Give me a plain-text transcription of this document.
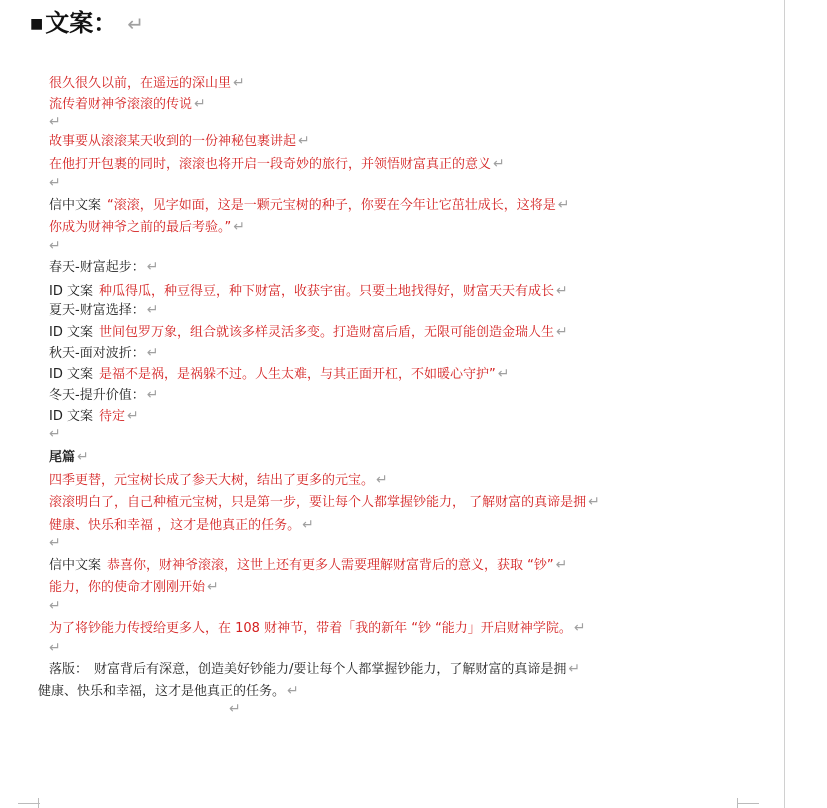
■文案： ↵
很久很久以前，在遥远的深山里 ↵
流传着财神爷滚滚的传说 ↵
↵
故事要从滚滚某天收到的一份神秘包裹讲起 ↵
在他打开包裹的同时，滚滚也将开启一段奇妙的旅行，并领悟财富真正的意义 ↵
↵
信中文案 “滚滚，见字如面，这是一颗元宝树的种子，你要在今年让它茁壮成长，这将是 ↵
你成为财神爷之前的最后考验。” ↵
↵
春天-财富起步： ↵
ID 文案 种瓜得瓜，种豆得豆，种下财富，收获宇宙。只要土地找得好，财富天天有成长 ↵
夏天-财富选择： ↵
ID 文案 世间包罗万象，组合就该多样灵活多变。打造财富后盾，无限可能创造金瑞人生 ↵
秋天-面对波折： ↵
ID 文案 是福不是祸，是祸躲不过。人生太难，与其正面开杠，不如暖心守护” ↵
冬天-提升价值： ↵
ID 文案 待定 ↵
↵
尾篇 ↵
四季更替，元宝树长成了参天大树，结出了更多的元宝。 ↵
滚滚明白了，自己种植元宝树，只是第一步，要让每个人都掌握钞能力， 了解财富的真谛是拥 ↵
健康、快乐和幸福 ，这才是他真正的任务。 ↵
↵
信中文案 恭喜你，财神爷滚滚，这世上还有更多人需要理解财富背后的意义，获取 “钞” ↵
能力，你的使命才刚刚开始 ↵
↵
为了将钞能力传授给更多人，在 108 财神节，带着「我的新年 “钞 “能力」开启财神学院。 ↵
↵
落版： 财富背后有深意，创造美好钞能力/要让每个人都掌握钞能力，了解财富的真谛是拥 ↵
健康、快乐和幸福，这才是他真正的任务。 ↵
↵
